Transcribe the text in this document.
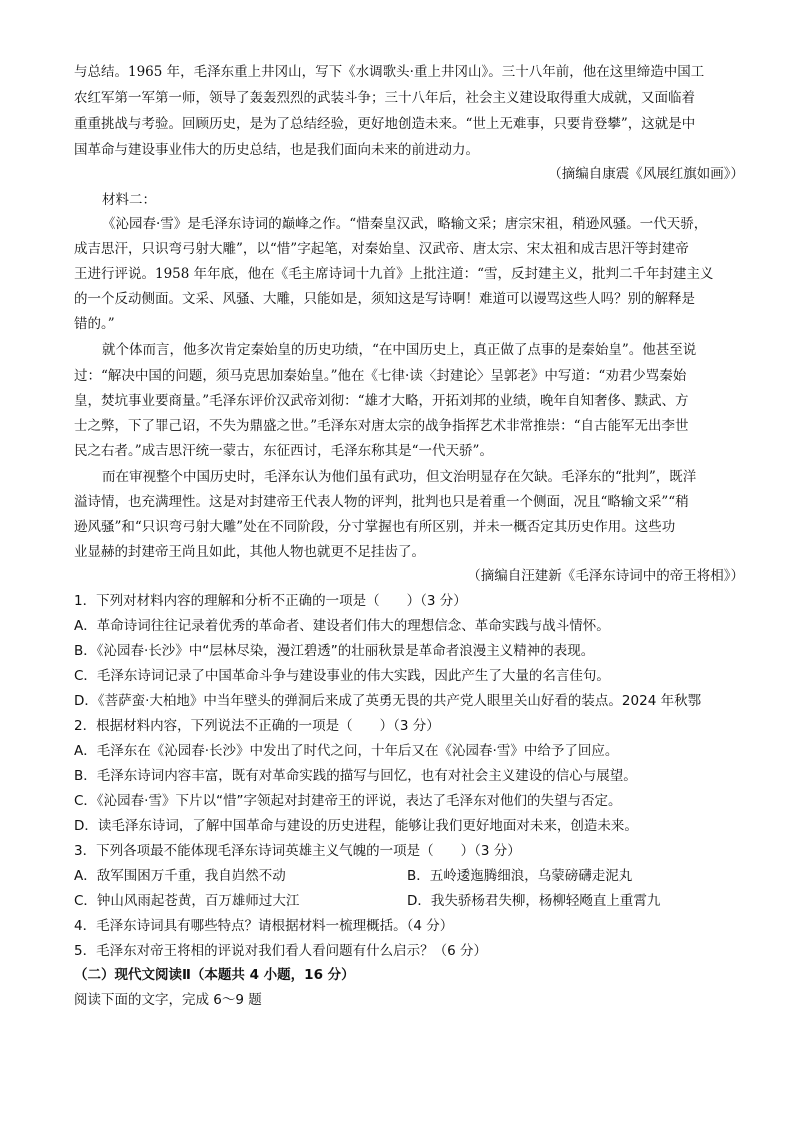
与总结。1965 年，毛泽东重上井冈山，写下《水调歌头·重上井冈山》。三十八年前，他在这里缔造中国工
农红军第一军第一师，领导了轰轰烈烈的武装斗争；三十八年后，社会主义建设取得重大成就，又面临着
重重挑战与考验。回顾历史，是为了总结经验，更好地创造未来。“世上无难事，只要肯登攀”，这就是中
国革命与建设事业伟大的历史总结，也是我们面向未来的前进动力。
（摘编自康震《风展红旗如画》）
材料二：
《沁园春·雪》是毛泽东诗词的巅峰之作。“惜秦皇汉武，略输文采；唐宗宋祖，稍逊风骚。一代天骄，
成吉思汗，只识弯弓射大雕”，以“惜”字起笔，对秦始皇、汉武帝、唐太宗、宋太祖和成吉思汗等封建帝
王进行评说。1958 年年底，他在《毛主席诗词十九首》上批注道：“雪，反封建主义，批判二千年封建主义
的一个反动侧面。文采、风骚、大雕，只能如是，须知这是写诗啊！难道可以谩骂这些人吗？别的解释是
错的。”
就个体而言，他多次肯定秦始皇的历史功绩，“在中国历史上，真正做了点事的是秦始皇”。他甚至说
过：“解决中国的问题，须马克思加秦始皇。”他在《七律·读〈封建论〉呈郭老》中写道：“劝君少骂秦始
皇，焚坑事业要商量。”毛泽东评价汉武帝刘彻：“雄才大略，开拓刘邦的业绩，晚年自知奢侈、黩武、方
士之弊，下了罪己诏，不失为鼎盛之世。”毛泽东对唐太宗的战争指挥艺术非常推崇：“自古能军无出李世
民之右者。”成吉思汗统一蒙古，东征西讨，毛泽东称其是“一代天骄”。
而在审视整个中国历史时，毛泽东认为他们虽有武功，但文治明显存在欠缺。毛泽东的“批判”，既洋
溢诗情，也充满理性。这是对封建帝王代表人物的评判，批判也只是着重一个侧面，况且“略输文采”“稍
逊风骚”和“只识弯弓射大雕”处在不同阶段，分寸掌握也有所区别，并未一概否定其历史作用。这些功
业显赫的封建帝王尚且如此，其他人物也就更不足挂齿了。
（摘编自汪建新《毛泽东诗词中的帝王将相》）
1．下列对材料内容的理解和分析不正确的一项是（　　）（3 分）
A．革命诗词往往记录着优秀的革命者、建设者们伟大的理想信念、革命实践与战斗情怀。
B．《沁园春·长沙》中“层林尽染，漫江碧透”的壮丽秋景是革命者浪漫主义精神的表现。
C．毛泽东诗词记录了中国革命斗争与建设事业的伟大实践，因此产生了大量的名言佳句。
D．《菩萨蛮·大柏地》中当年壁头的弹洞后来成了英勇无畏的共产党人眼里关山好看的装点。2024 年秋鄂
2．根据材料内容，下列说法不正确的一项是（　　）（3 分）
A．毛泽东在《沁园春·长沙》中发出了时代之问，十年后又在《沁园春·雪》中给予了回应。
B．毛泽东诗词内容丰富，既有对革命实践的描写与回忆，也有对社会主义建设的信心与展望。
C．《沁园春·雪》下片以“惜”字领起对封建帝王的评说，表达了毛泽东对他们的失望与否定。
D．读毛泽东诗词，了解中国革命与建设的历史进程，能够让我们更好地面对未来，创造未来。
3．下列各项最不能体现毛泽东诗词英雄主义气魄的一项是（　　）（3 分）
A．敌军围困万千重，我自岿然不动	B．五岭逶迤腾细浪，乌蒙磅礴走泥丸
C．钟山风雨起苍黄，百万雄师过大江	D．我失骄杨君失柳，杨柳轻飏直上重霄九
4．毛泽东诗词具有哪些特点？请根据材料一梳理概括。（4 分）
5．毛泽东对帝王将相的评说对我们看人看问题有什么启示？（6 分）
（二）现代文阅读Ⅱ（本题共 4 小题，16 分）
阅读下面的文字，完成 6～9 题
